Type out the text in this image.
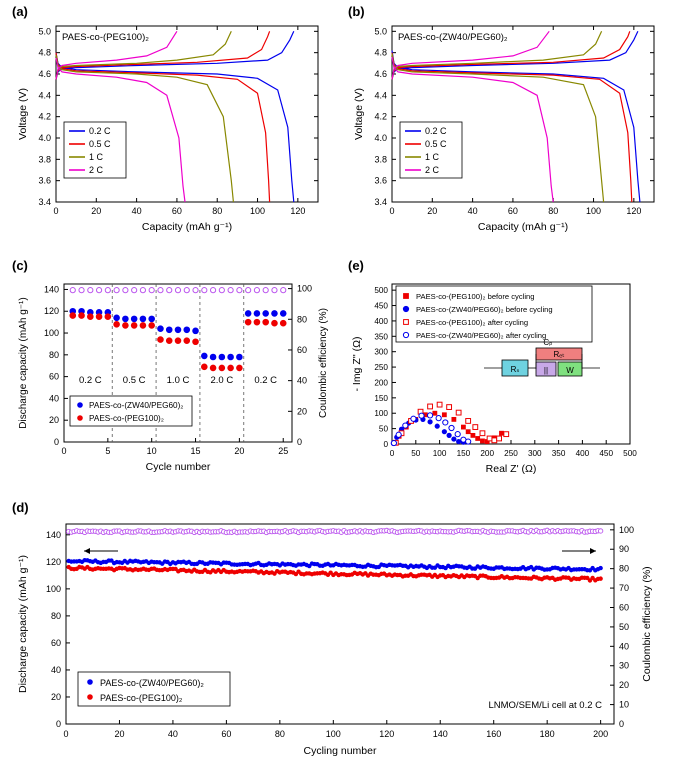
(a)
0	20	40	60	80	100	120
3.4
3.6
3.8
4.0
4.2
4.4
4.6
4.8
5.0
Capacity (mAh g⁻¹)
Voltage (V)
PAES-co-(PEG100)₂
0.2 C
0.5 C
1 C
2 C
(b)
0	20	40	60	80	100	120
3.4
3.6
3.8
4.0
4.2
4.4
4.6
4.8
5.0
Capacity (mAh g⁻¹)
Voltage (V)
PAES-co-(ZW40/PEG60)₂
0.2 C
0.5 C
1 C
2 C
(c)
0	5	10	15	20	25
0
20
40
60
80
100
120
140
0
20
40
60
80
100
Cycle number
Discharge capacity (mAh g⁻¹)	Coulombic efficiency (%)
0.2 C 0.5 C 1.0 C 2.0 C 0.2 C
PAES-co-(ZW40/PEG60)₂
PAES-co-(PEG100)₂
(e)
0 50 100 150 200 250 300 350 400 450 500
0
50
100
150
200
250
300
350
400
450
500
Real Z' (Ω)
- Img Z'' (Ω)
PAES-co-(PEG100)₂ before cycling
PAES-co-(ZW40/PEG60)₂ before cycling
PAES-co-(PEG100)₂ after cycling
PAES-co-(ZW40/PEG60)₂ after cycling
Rₛ
Rₑₜ
|| W
Cₚ
(d)
0	20	40	60	80	100	120	140	160	180	200
0
20
40
60
80
100
120
140
0
10
20
30
40
50
60
70
80
90
100
Cycling number
Discharge capacity (mAh g⁻¹)	Coulombic efficiency (%)
PAES-co-(ZW40/PEG60)₂
PAES-co-(PEG100)₂
LNMO/SEM/Li cell at 0.2 C
